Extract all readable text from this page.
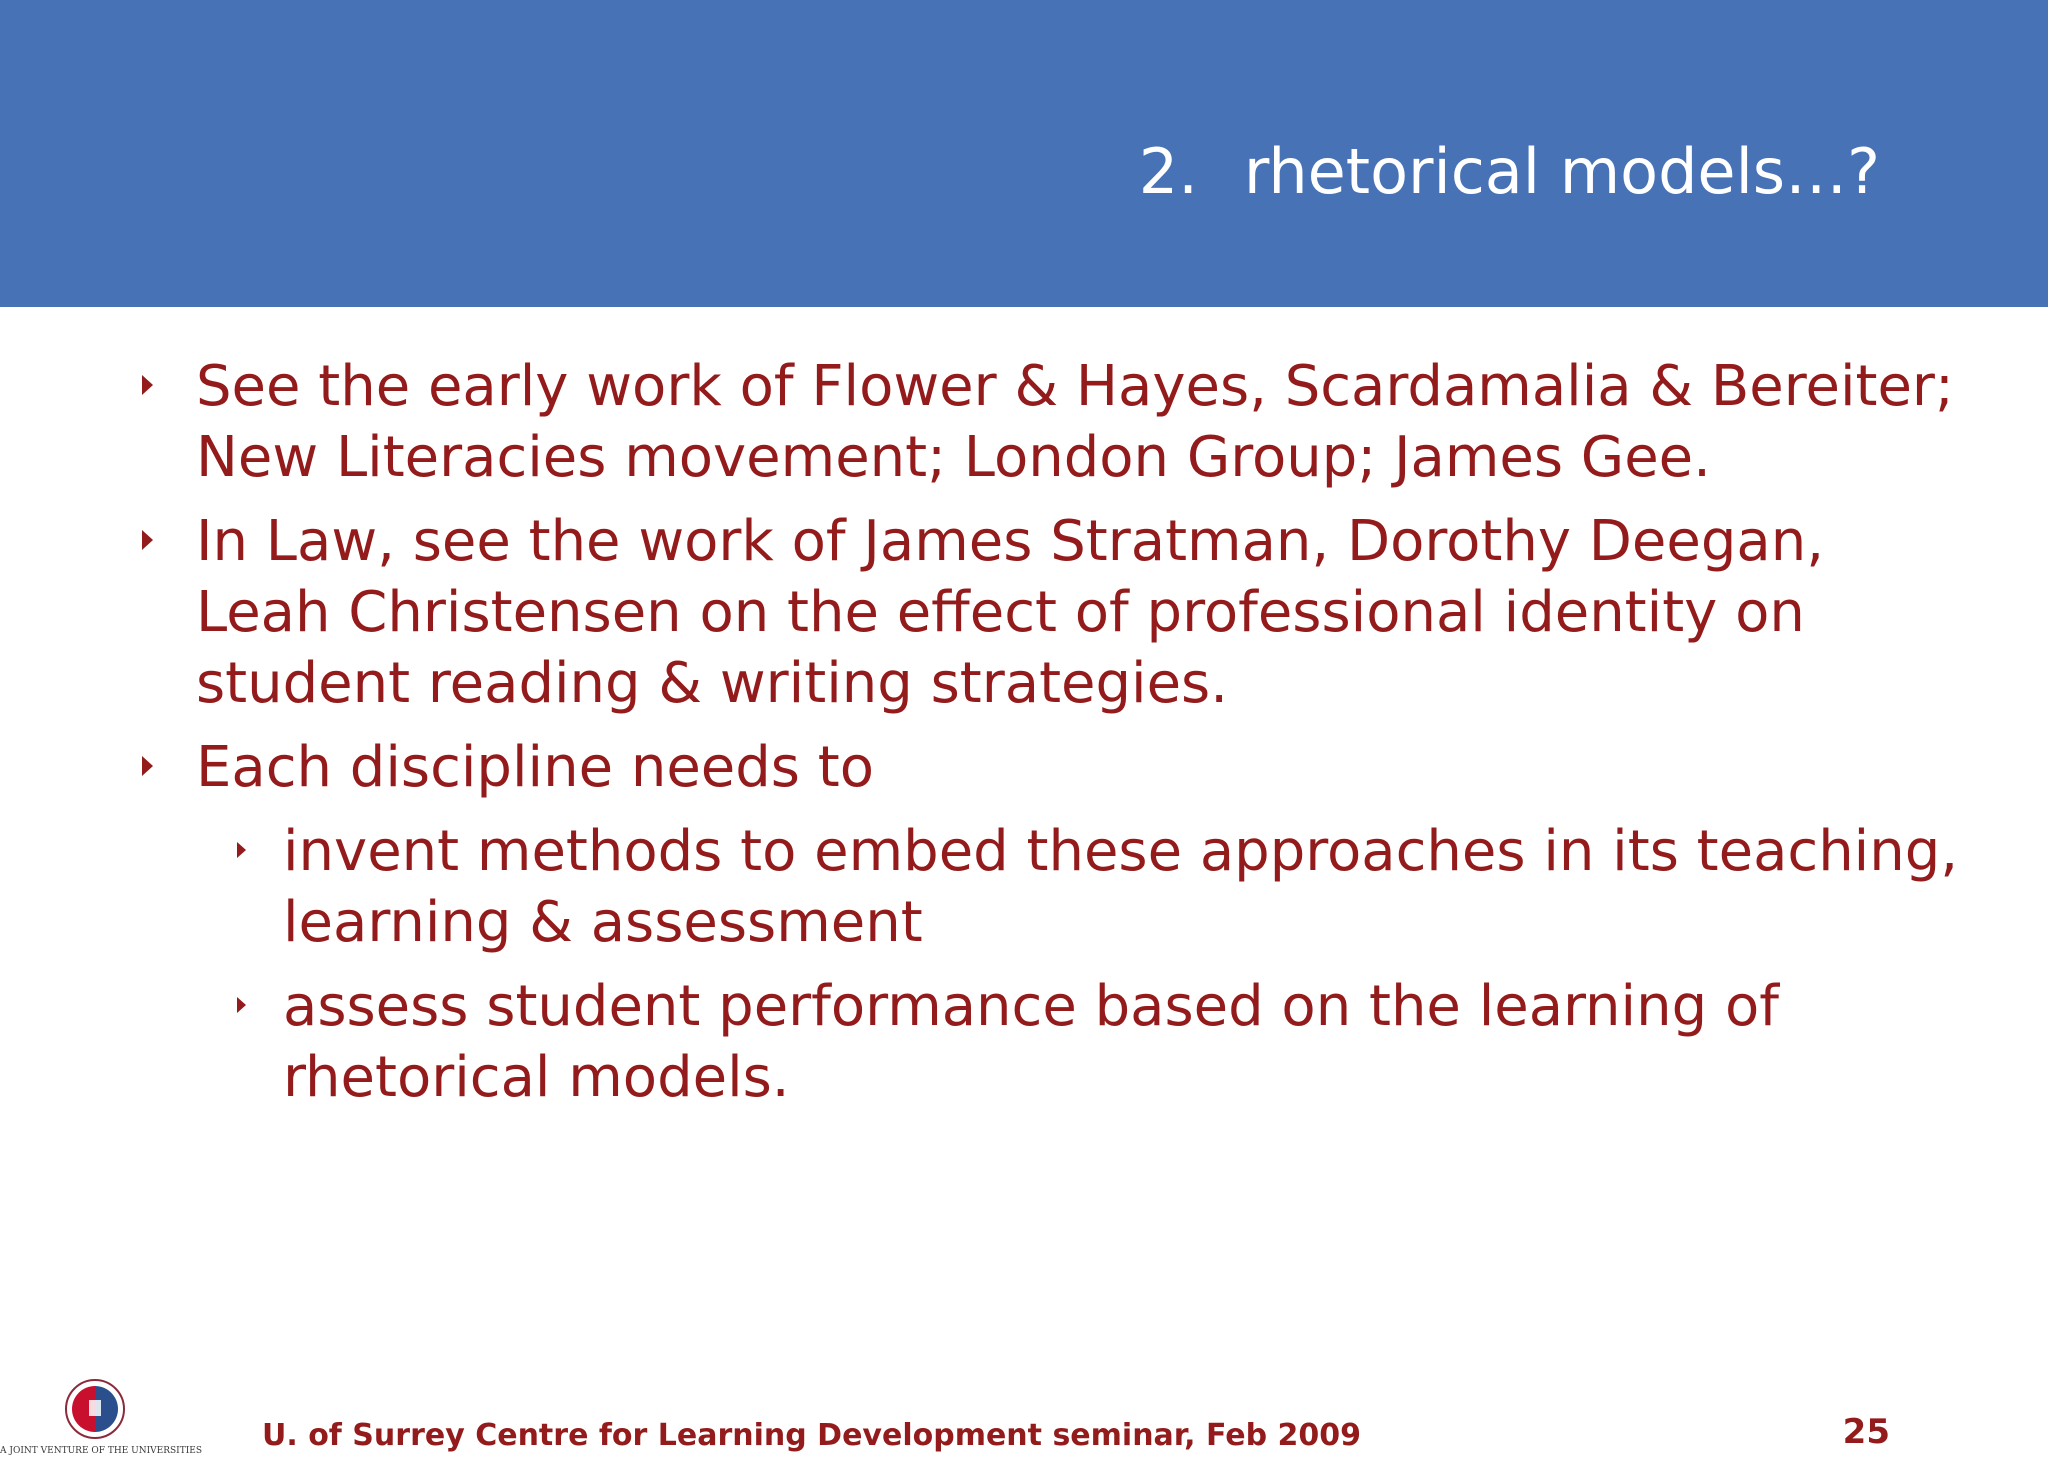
2. rhetorical models…?
See the early work of Flower & Hayes, Scardamalia & Bereiter; New Literacies movement; London Group; James Gee.
In Law, see the work of James Stratman, Dorothy Deegan, Leah Christensen on the effect of professional identity on student reading & writing strategies.
Each discipline needs to
invent methods to embed these approaches in its teaching, learning & assessment
assess student performance based on the learning of rhetorical models.
A JOINT VENTURE OF THE UNIVERSITIES U. of Surrey Centre for Learning Development seminar, Feb 2009	25
